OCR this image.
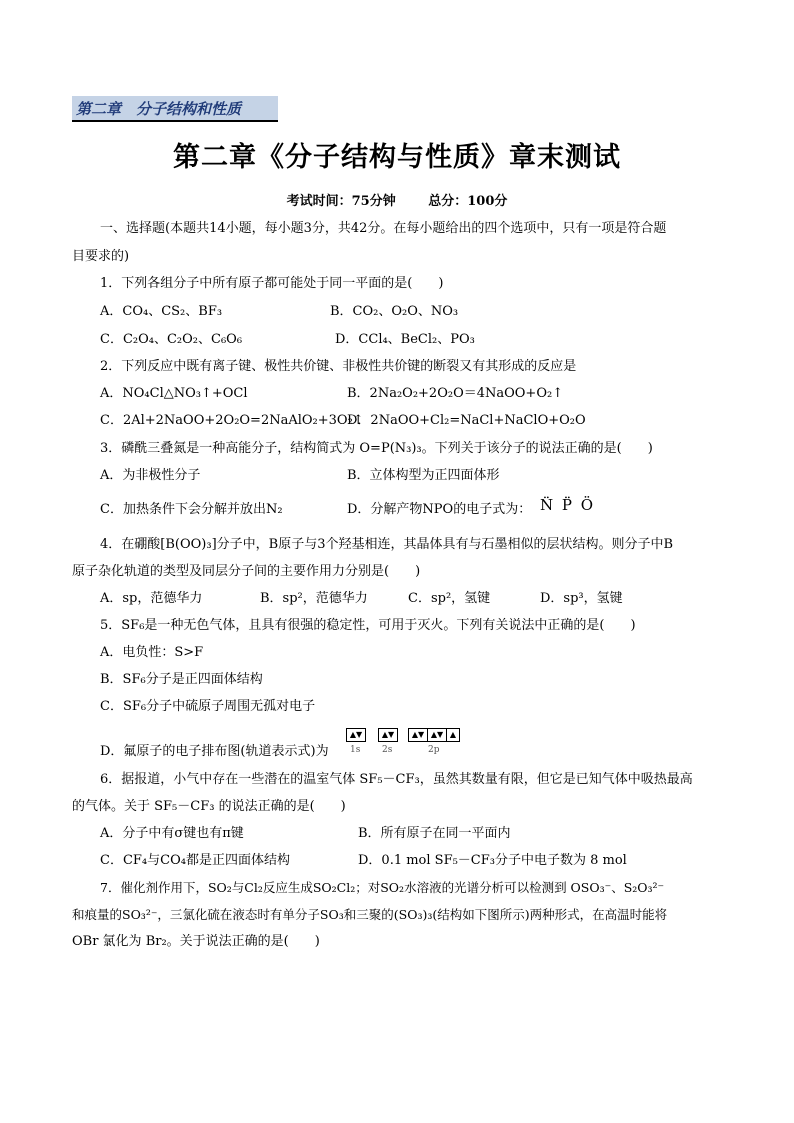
第二章　分子结构和性质
第二章《分子结构与性质》章末测试
考试时间：75分钟	总分：100分
一、选择题(本题共14小题，每小题3分，共42分。在每小题给出的四个选项中，只有一项是符合题
目要求的)
1．下列各组分子中所有原子都可能处于同一平面的是(　　)
A．CO₄、CS₂、BF₃	B．CO₂、O₂O、NO₃
C．C₂O₄、C₂O₂、C₆O₆	D．CCl₄、BeCl₂、PO₃
2．下列反应中既有离子键、极性共价键、非极性共价键的断裂又有其形成的反应是
A．NO₄Cl△NO₃↑+OCl	B．2Na₂O₂+2O₂O＝4NaOO+O₂↑
C．2Al+2NaOO+2O₂O=2NaAlO₂+3O₂↑
D．2NaOO+Cl₂=NaCl+NaClO+O₂O
3．磷酰三叠氮是一种高能分子，结构简式为 O=P(N₃)₃。下列关于该分子的说法正确的是(　　)
A．为非极性分子	B．立体构型为正四面体形
C．加热条件下会分解并放出N₂	D．分解产物NPO的电子式为： N̈ P̈ Ö
4．在硼酸[B(OO)₃]分子中，B原子与3个羟基相连，其晶体具有与石墨相似的层状结构。则分子中B
原子杂化轨道的类型及同层分子间的主要作用力分别是(　　)
A．sp，范德华力	B．sp²，范德华力	C．sp²，氢键	D．sp³，氢键
5．SF₆是一种无色气体，且具有很强的稳定性，可用于灭火。下列有关说法中正确的是(　　)
A．电负性：S>F
B．SF₆分子是正四面体结构
C．SF₆分子中硫原子周围无孤对电子
D．氟原子的电子排布图(轨道表示式)为
▲▼	▲▼	▲▼ ▲▼ ▲
1s 2s	2p
6．据报道，小气中存在一些潜在的温室气体 SF₅－CF₃，虽然其数量有限，但它是已知气体中吸热最高
的气体。关于 SF₅－CF₃ 的说法正确的是(　　)
A．分子中有σ键也有π键	B．所有原子在同一平面内
C．CF₄与CO₄都是正四面体结构	D．0.1 mol SF₅－CF₃分子中电子数为 8 mol
7．催化剂作用下，SO₂与Cl₂反应生成SO₂Cl₂；对SO₂水溶液的光谱分析可以检测到 OSO₃⁻、S₂O₃²⁻
和痕量的SO₃²⁻，三氯化硫在液态时有单分子SO₃和三聚的(SO₃)₃(结构如下图所示)两种形式，在高温时能将
OBr 氯化为 Br₂。关于说法正确的是(　　)
